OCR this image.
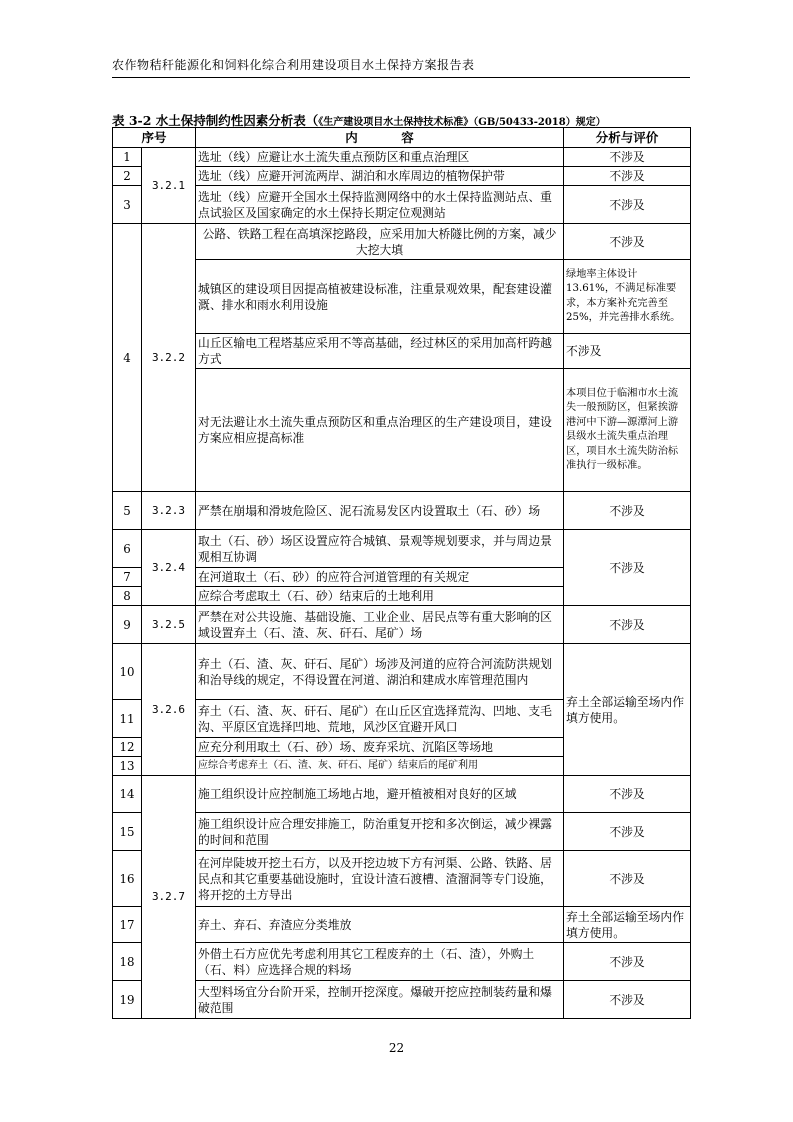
农作物秸秆能源化和饲料化综合利用建设项目水土保持方案报告表
表 3-2 水土保持制约性因素分析表（《生产建设项目水土保持技术标准》（GB/50433-2018）规定）
序号		内          容	分析与评价
1	3.2.1	选址（线）应避让水土流失重点预防区和重点治理区	不涉及
2		选址（线）应避开河流两岸、湖泊和水库周边的植物保护带	不涉及
3		选址（线）应避开全国水土保持监测网络中的水土保持监测站点、重点试验区及国家确定的水土保持长期定位观测站	不涉及
4	3.2.2	公路、铁路工程在高填深挖路段，应采用加大桥隧比例的方案，减少大挖大填	不涉及
		城镇区的建设项目因提高植被建设标准，注重景观效果，配套建设灌溉、排水和雨水利用设施	绿地率主体设计 13.61%，不满足标准要求，本方案补充完善至 25%，并完善排水系统。
		山丘区输电工程塔基应采用不等高基础，经过林区的采用加高杆跨越方式	不涉及
		对无法避让水土流失重点预防区和重点治理区的生产建设项目，建设方案应相应提高标准	本项目位于临湘市水土流失一般预防区，但紧挨游港河中下游—源潭河上游县级水土流失重点治理区，项目水土流失防治标准执行一级标准。
5	3.2.3	严禁在崩塌和滑坡危险区、泥石流易发区内设置取土（石、砂）场	不涉及
6	3.2.4	取土（石、砂）场区设置应符合城镇、景观等规划要求，并与周边景观相互协调	不涉及
7		在河道取土（石、砂）的应符合河道管理的有关规定	
8		应综合考虑取土（石、砂）结束后的土地利用	
9	3.2.5	严禁在对公共设施、基础设施、工业企业、居民点等有重大影响的区域设置弃土（石、渣、灰、矸石、尾矿）场	不涉及
10	3.2.6	弃土（石、渣、灰、矸石、尾矿）场涉及河道的应符合河流防洪规划和治导线的规定，不得设置在河道、湖泊和建成水库管理范围内	弃土全部运输至场内作填方使用。
11		弃土（石、渣、灰、矸石、尾矿）在山丘区宜选择荒沟、凹地、支毛沟、平原区宜选择凹地、荒地，风沙区宜避开风口	
12		应充分利用取土（石、砂）场、废弃采坑、沉陷区等场地	
13		应综合考虑弃土（石、渣、灰、矸石、尾矿）结束后的尾矿利用	
14	3.2.7	施工组织设计应控制施工场地占地，避开植被相对良好的区域	不涉及
15		施工组织设计应合理安排施工，防治重复开挖和多次倒运，减少裸露的时间和范围	不涉及
16		在河岸陡坡开挖土石方，以及开挖边坡下方有河渠、公路、铁路、居民点和其它重要基础设施时，宜设计渣石渡槽、渣溜洞等专门设施，将开挖的土方导出	不涉及
17		弃土、弃石、弃渣应分类堆放	弃土全部运输至场内作填方使用。
18		外借土石方应优先考虑利用其它工程废弃的土（石、渣），外购土（石、料）应选择合规的料场	不涉及
19		大型料场宜分台阶开采，控制开挖深度。爆破开挖应控制装药量和爆破范围	不涉及
22
